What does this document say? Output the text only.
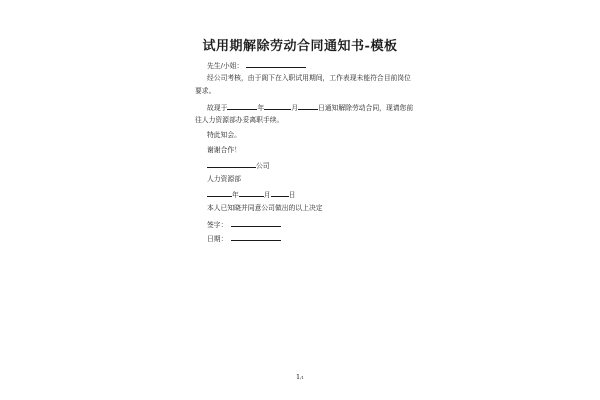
试用期解除劳动合同通知书-模板
先生/小姐：
经公司考核，由于阁下在入职试用期间，工作表现未能符合目前岗位
要求。
故现于	年	月	日通知解除劳动合同，现请您前
往人力资源部办妥离职手续。
特此知会。
谢谢合作！
公司
人力资源部
年	月	日
本人已知晓并同意公司做出的以上决定
签字：
日期：
1/1
